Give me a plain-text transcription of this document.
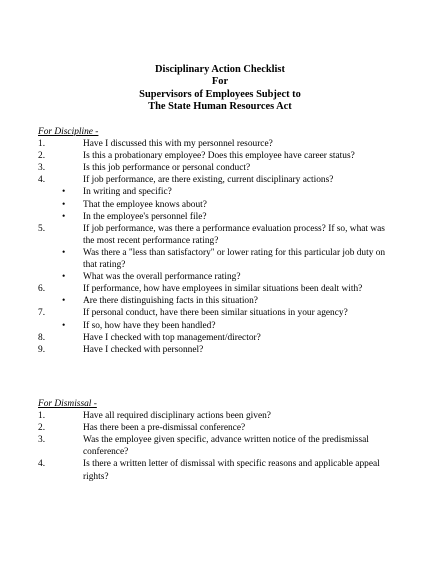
Disciplinary Action Checklist
For
Supervisors of Employees Subject to
The State Human Resources Act
For Discipline -
1.	Have I discussed this with my personnel resource?
2.	Is this a probationary employee? Does this employee have career status?
3.	Is this job performance or personal conduct?
4.	If job performance, are there existing, current disciplinary actions?
• In writing and specific?
• That the employee knows about?
• In the employee's personnel file?
5.	If job performance, was there a performance evaluation process? If so, what was the most recent performance rating?
• Was there a "less than satisfactory" or lower rating for this particular job duty on that rating?
• What was the overall performance rating?
6.	If performance, how have employees in similar situations been dealt with?
• Are there distinguishing facts in this situation?
7.	If personal conduct, have there been similar situations in your agency?
• If so, how have they been handled?
8.	Have I checked with top management/director?
9.	Have I checked with personnel?
For Dismissal -
1.	Have all required disciplinary actions been given?
2.	Has there been a pre-dismissal conference?
3.	Was the employee given specific, advance written notice of the predismissal conference?
4.	Is there a written letter of dismissal with specific reasons and applicable appeal rights?
